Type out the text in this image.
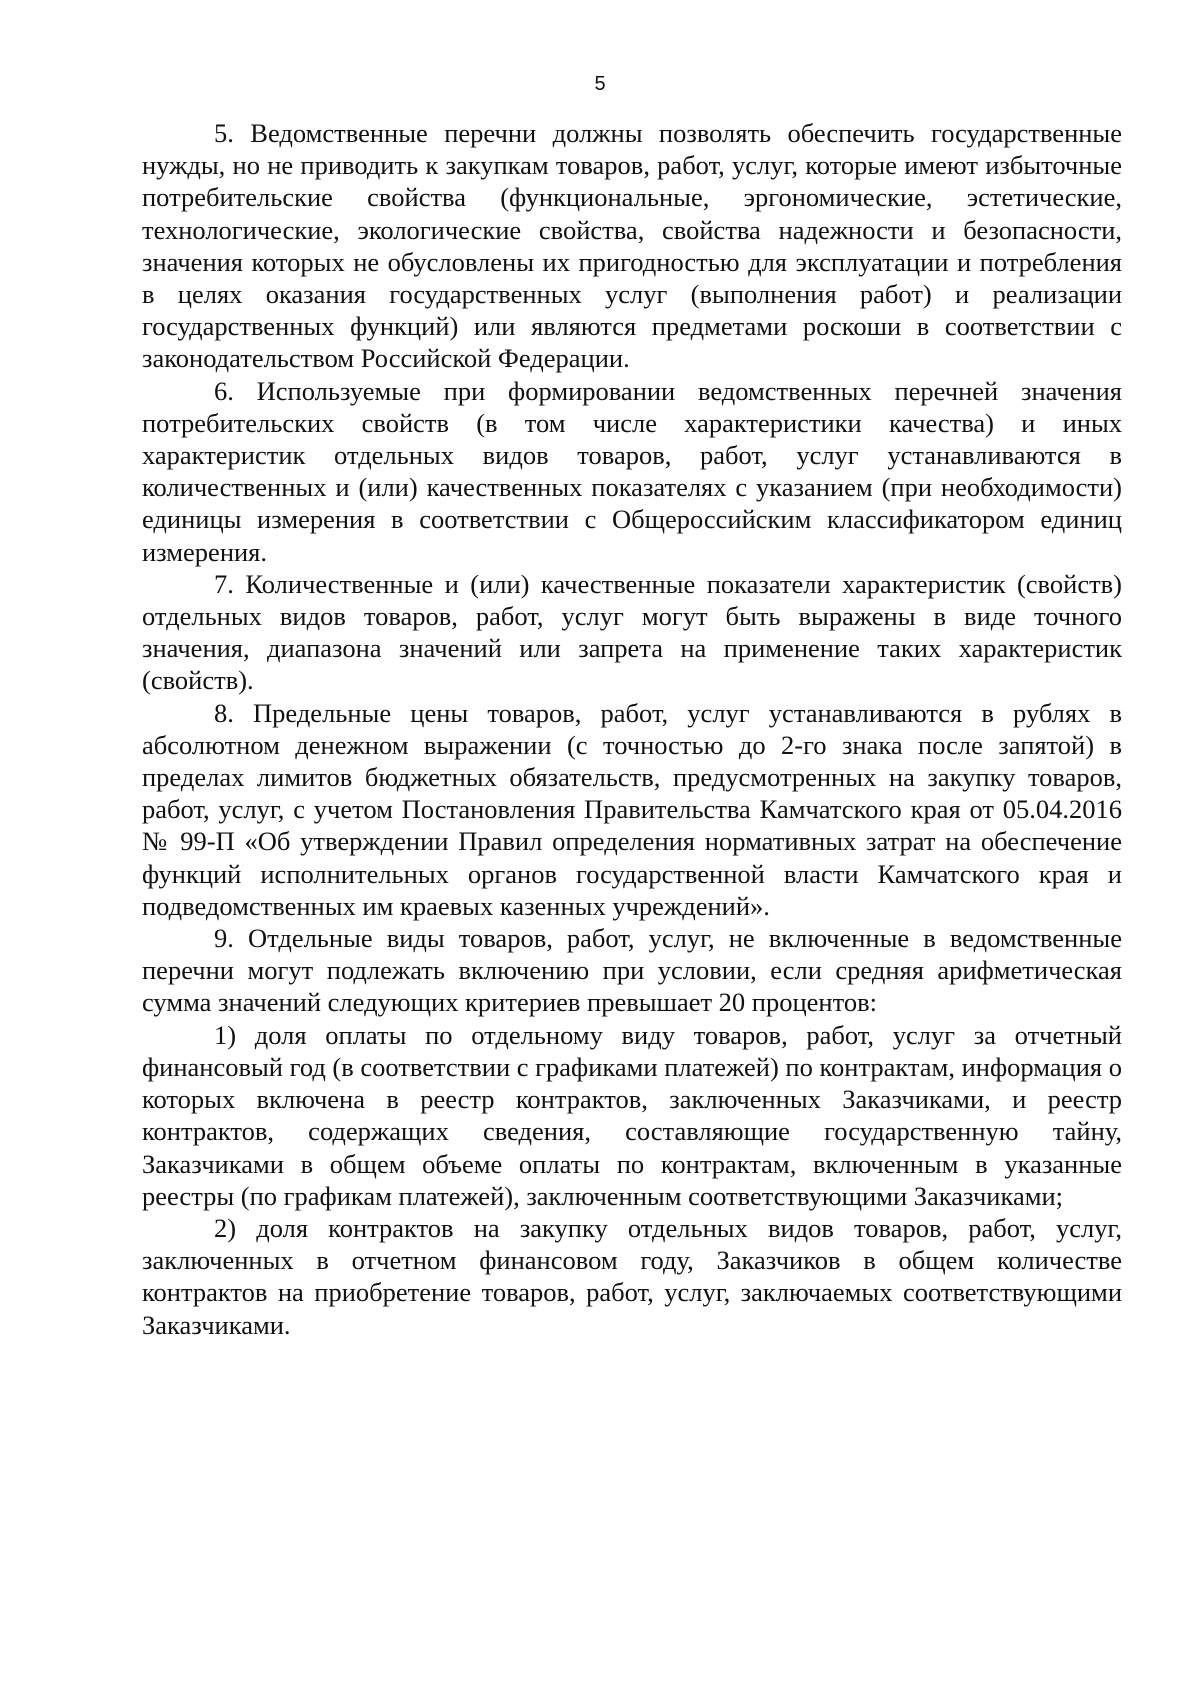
5

5. Ведомственные перечни должны позволять обеспечить государственные нужды, но не приводить к закупкам товаров, работ, услуг, которые имеют избыточные потребительские свойства (функциональные, эргономические, эстетические, технологические, экологические свойства, свойства надежности и безопасности, значения которых не обусловлены их пригодностью для эксплуатации и потребления в целях оказания государственных услуг (выполнения работ) и реализации государственных функций) или являются предметами роскоши в соответствии с законодательством Российской Федерации.

6. Используемые при формировании ведомственных перечней значения потребительских свойств (в том числе характеристики качества) и иных характеристик отдельных видов товаров, работ, услуг устанавливаются в количественных и (или) качественных показателях с указанием (при необходимости) единицы измерения в соответствии с Общероссийским классификатором единиц измерения.

7. Количественные и (или) качественные показатели характеристик (свойств) отдельных видов товаров, работ, услуг могут быть выражены в виде точного значения, диапазона значений или запрета на применение таких характеристик (свойств).

8. Предельные цены товаров, работ, услуг устанавливаются в рублях в абсолютном денежном выражении (с точностью до 2-го знака после запятой) в пределах лимитов бюджетных обязательств, предусмотренных на закупку товаров, работ, услуг, с учетом Постановления Правительства Камчатского края от 05.04.2016 № 99-П «Об утверждении Правил определения нормативных затрат на обеспечение функций исполнительных органов государственной власти Камчатского края и подведомственных им краевых казенных учреждений».

9. Отдельные виды товаров, работ, услуг, не включенные в ведомственные перечни могут подлежать включению при условии, если средняя арифметическая сумма значений следующих критериев превышает 20 процентов:

1) доля оплаты по отдельному виду товаров, работ, услуг за отчетный финансовый год (в соответствии с графиками платежей) по контрактам, информация о которых включена в реестр контрактов, заключенных Заказчиками, и реестр контрактов, содержащих сведения, составляющие государственную тайну, Заказчиками в общем объеме оплаты по контрактам, включенным в указанные реестры (по графикам платежей), заключенным соответствующими Заказчиками;

2) доля контрактов на закупку отдельных видов товаров, работ, услуг, заключенных в отчетном финансовом году, Заказчиков в общем количестве контрактов на приобретение товаров, работ, услуг, заключаемых соответствующими Заказчиками.
